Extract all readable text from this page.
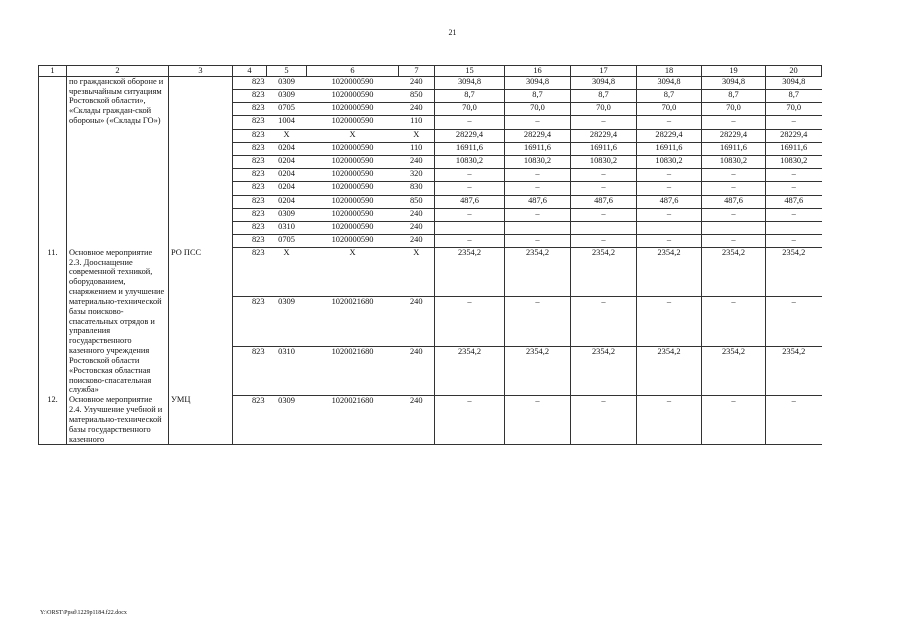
21
1	2	3	4	5	6	7	15	16	17	18	19	20
	по гражданской обороне и чрезвычайным ситуациям Ростовской области», «Склады граждан-ской обороны» («Склады ГО»)		823	0309	1020000590	240	3094,8	3094,8	3094,8	3094,8	3094,8	3094,8
			823	0309	1020000590	850	8,7	8,7	8,7	8,7	8,7	8,7
			823	0705	1020000590	240	70,0	70,0	70,0	70,0	70,0	70,0
			823	1004	1020000590	110	–	–	–	–	–	–
			823	Х	Х	Х	28229,4	28229,4	28229,4	28229,4	28229,4	28229,4
			823	0204	1020000590	110	16911,6	16911,6	16911,6	16911,6	16911,6	16911,6
			823	0204	1020000590	240	10830,2	10830,2	10830,2	10830,2	10830,2	10830,2
			823	0204	1020000590	320	–	–	–	–	–	–
			823	0204	1020000590	830	–	–	–	–	–	–
			823	0204	1020000590	850	487,6	487,6	487,6	487,6	487,6	487,6
			823	0309	1020000590	240	–	–	–	–	–	–
			823	0310	1020000590	240						
			823	0705	1020000590	240	–	–	–	–	–	–
11.	Основное мероприятие 2.3. Дооснащение современной техникой, оборудованием, снаряжением и улучшение материально-технической базы поисково-спасательных отрядов и управления государственного казенного учреждения Ростовской области «Ростовская областная поисково-спасательная служба»	РО ПСС	823	Х	Х	Х	2354,2	2354,2	2354,2	2354,2	2354,2	2354,2
			823	0309	1020021680	240	–	–	–	–	–	–
			823	0310	1020021680	240	2354,2	2354,2	2354,2	2354,2	2354,2	2354,2
12.	Основное мероприятие 2.4. Улучшение учебной и материально-технической базы государственного казенного	УМЦ	823	0309	1020021680	240	–	–	–	–	–	–
Y:\ORST\Ppsd\1229p1184.f22.docx
